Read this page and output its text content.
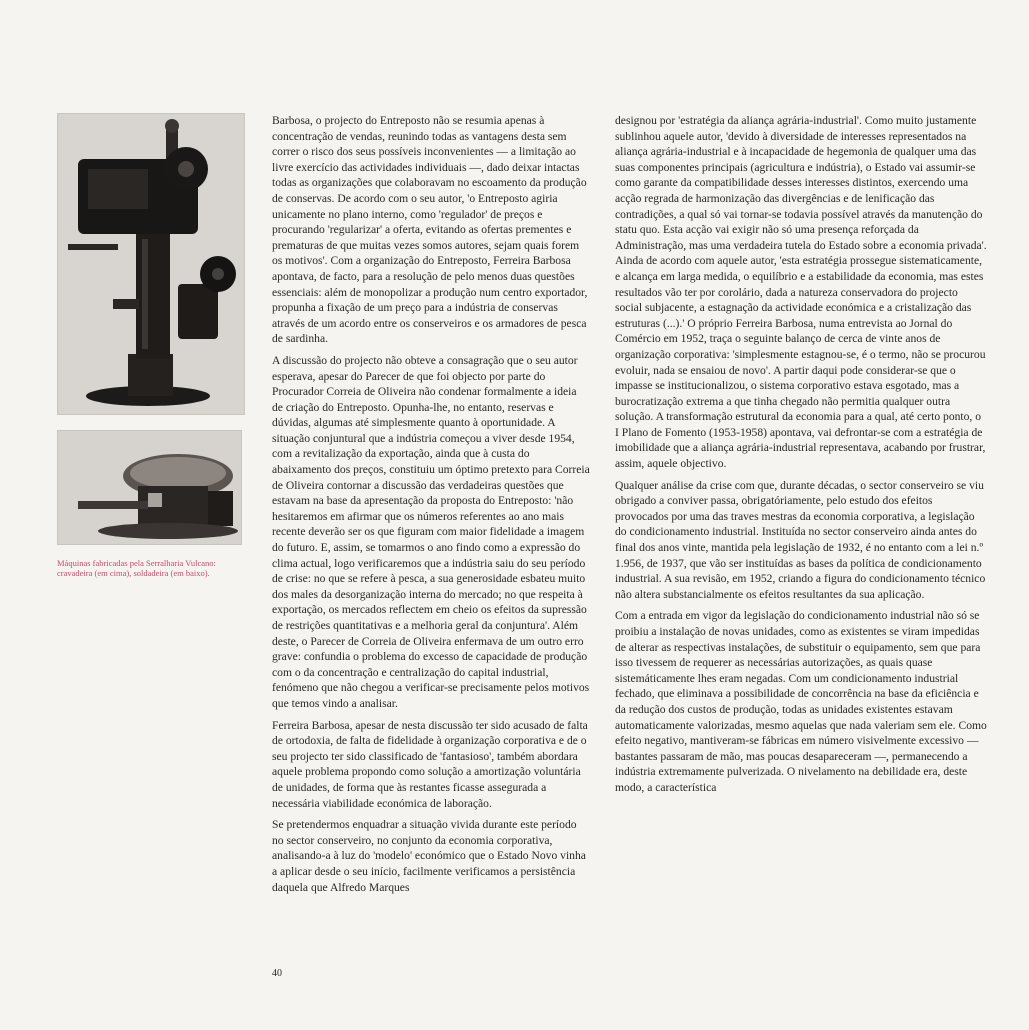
Máquinas fabricadas pela Serralharia Vulcano: cravadeira (em cima), soldadeira (em baixo).

Barbosa, o projecto do Entreposto não se resumia apenas à concentração de vendas, reunindo todas as vantagens desta sem correr o risco dos seus possíveis inconvenientes — a limitação ao livre exercício das actividades individuais —, dado deixar intactas todas as organizações que colaboravam no escoamento da produção de conservas. De acordo com o seu autor, 'o Entreposto agiria unicamente no plano interno, como 'regulador' de preços e procurando 'regularizar' a oferta, evitando as ofertas prementes e prematuras de que muitas vezes somos autores, sejam quais forem os motivos'. Com a organização do Entreposto, Ferreira Barbosa apontava, de facto, para a resolução de pelo menos duas questões essenciais: além de monopolizar a produção num centro exportador, propunha a fixação de um preço para a indústria de conservas através de um acordo entre os conserveiros e os armadores de pesca de sardinha.

A discussão do projecto não obteve a consagração que o seu autor esperava, apesar do Parecer de que foi objecto por parte do Procurador Correia de Oliveira não condenar formalmente a ideia de criação do Entreposto. Opunha-lhe, no entanto, reservas e dúvidas, algumas até simplesmente quanto à oportunidade. A situação conjuntural que a indústria começou a viver desde 1954, com a revitalização da exportação, ainda que à custa do abaixamento dos preços, constituiu um óptimo pretexto para Correia de Oliveira contornar a discussão das verdadeiras questões que estavam na base da apresentação da proposta do Entreposto: 'não hesitaremos em afirmar que os números referentes ao ano mais recente deverão ser os que figuram com maior fidelidade a imagem do futuro. E, assim, se tomarmos o ano findo como a expressão do clima actual, logo verificaremos que a indústria saiu do seu período de crise: no que se refere à pesca, a sua generosidade esbateu muito dos males da desorganização interna do mercado; no que respeita à exportação, os mercados reflectem em cheio os efeitos da supressão de restrições quantitativas e a melhoria geral da conjuntura'. Além deste, o Parecer de Correia de Oliveira enfermava de um outro erro grave: confundia o problema do excesso de capacidade de produção com o da concentração e centralização do capital industrial, fenómeno que não chegou a verificar-se precisamente pelos motivos que temos vindo a analisar.

Ferreira Barbosa, apesar de nesta discussão ter sido acusado de falta de ortodoxia, de falta de fidelidade à organização corporativa e de o seu projecto ter sido classificado de 'fantasioso', também abordara aquele problema propondo como solução a amortização voluntária de unidades, de forma que às restantes ficasse assegurada a necessária viabilidade económica de laboração.

Se pretendermos enquadrar a situação vivida durante este período no sector conserveiro, no conjunto da economia corporativa, analisando-a à luz do 'modelo' económico que o Estado Novo vinha a aplicar desde o seu início, facilmente verificamos a persistência daquela que Alfredo Marques

designou por 'estratégia da aliança agrária-industrial'. Como muito justamente sublinhou aquele autor, 'devido à diversidade de interesses representados na aliança agrária-industrial e à incapacidade de hegemonia de qualquer uma das suas componentes principais (agricultura e indústria), o Estado vai assumir-se como garante da compatibilidade desses interesses distintos, exercendo uma acção regrada de harmonização das divergências e de lenificação das contradições, a qual só vai tornar-se todavia possível através da manutenção do statu quo. Esta acção vai exigir não só uma presença reforçada da Administração, mas uma verdadeira tutela do Estado sobre a economia privada'. Ainda de acordo com aquele autor, 'esta estratégia prossegue sistematicamente, e alcança em larga medida, o equilíbrio e a estabilidade da economia, mas estes resultados vão ter por corolário, dada a natureza conservadora do projecto social subjacente, a estagnação da actividade económica e a cristalização das estruturas (...).' O próprio Ferreira Barbosa, numa entrevista ao Jornal do Comércio em 1952, traça o seguinte balanço de cerca de vinte anos de organização corporativa: 'simplesmente estagnou-se, é o termo, não se procurou evoluir, nada se ensaiou de novo'. A partir daqui pode considerar-se que o impasse se institucionalizou, o sistema corporativo estava esgotado, mas a burocratização extrema a que tinha chegado não permitia qualquer outra solução. A transformação estrutural da economia para a qual, até certo ponto, o I Plano de Fomento (1953-1958) apontava, vai defrontar-se com a estratégia de imobilidade que a aliança agrária-industrial representava, acabando por frustrar, assim, aquele objectivo.

Qualquer análise da crise com que, durante décadas, o sector conserveiro se viu obrigado a conviver passa, obrigatóriamente, pelo estudo dos efeitos provocados por uma das traves mestras da economia corporativa, a legislação do condicionamento industrial. Instituída no sector conserveiro ainda antes do final dos anos vinte, mantida pela legislação de 1932, é no entanto com a lei n.º 1.956, de 1937, que vão ser instituídas as bases da política de condicionamento industrial. A sua revisão, em 1952, criando a figura do condicionamento técnico não altera substancialmente os efeitos resultantes da sua aplicação.

Com a entrada em vigor da legislação do condicionamento industrial não só se proibiu a instalação de novas unidades, como as existentes se viram impedidas de alterar as respectivas instalações, de substituir o equipamento, sem que para isso tivessem de requerer as necessárias autorizações, as quais quase sistemáticamente lhes eram negadas. Com um condicionamento industrial fechado, que eliminava a possibilidade de concorrência na base da eficiência e da redução dos custos de produção, todas as unidades existentes estavam automaticamente valorizadas, mesmo aquelas que nada valeriam sem ele. Como efeito negativo, mantiveram-se fábricas em número visivelmente excessivo — bastantes passaram de mão, mas poucas desapareceram —, permanecendo a indústria extremamente pulverizada. O nivelamento na debilidade era, deste modo, a característica

40
